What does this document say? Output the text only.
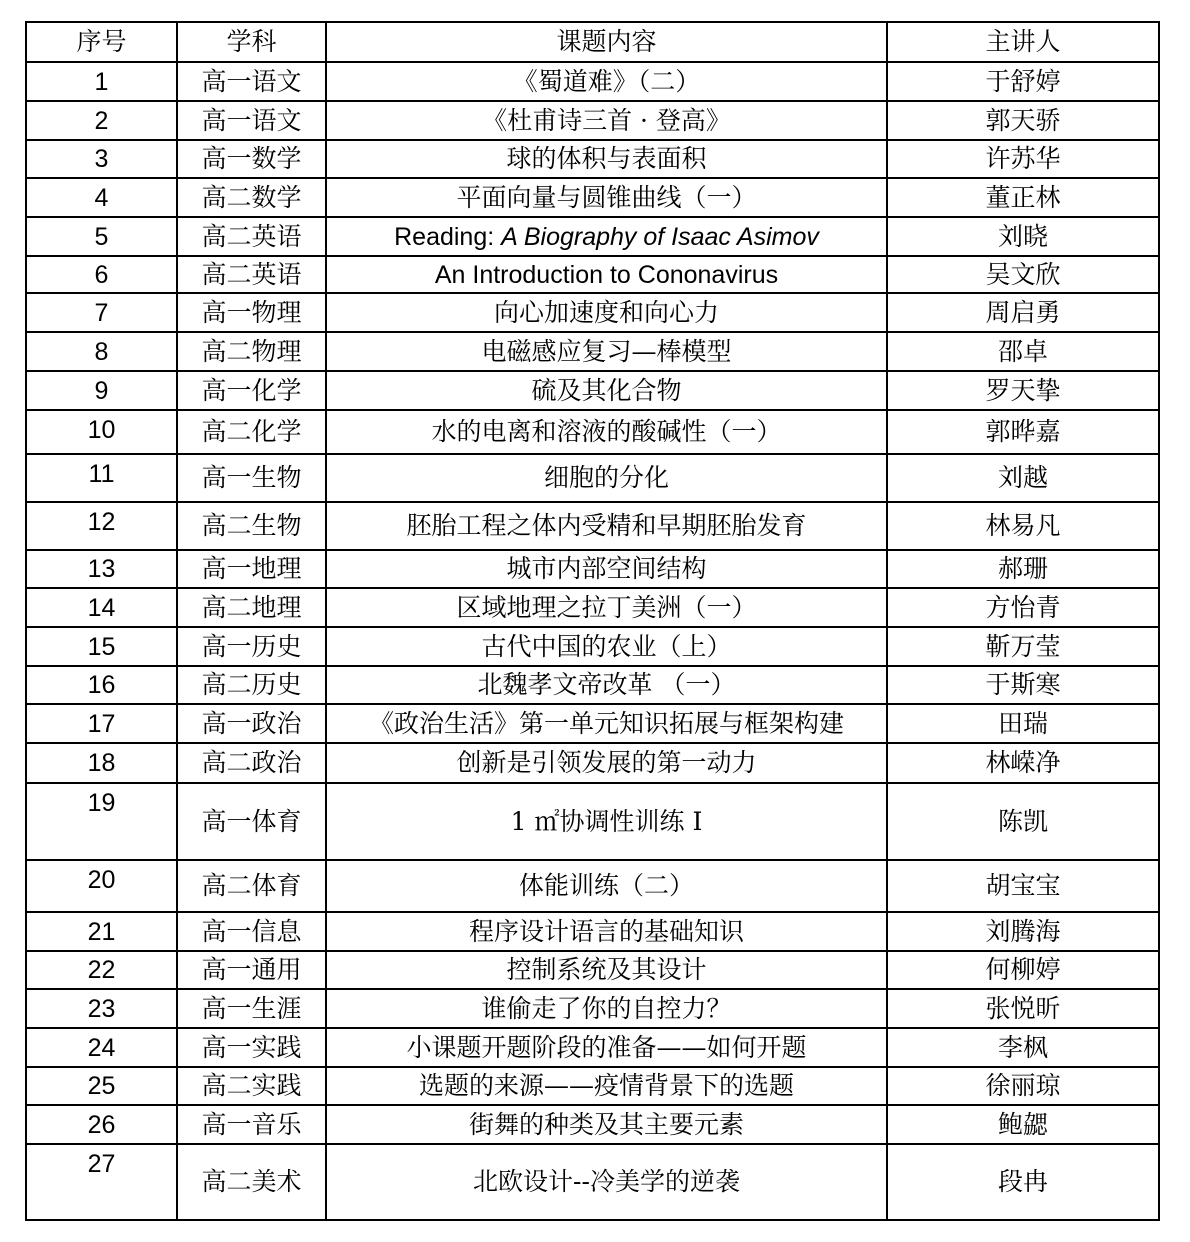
序号	学科	课题内容	主讲人
1	高一语文	《蜀道难》（二）	于舒婷
2	高一语文	《杜甫诗三首 · 登高》	郭天骄
3	高一数学	球的体积与表面积	许苏华
4	高二数学	平面向量与圆锥曲线（一）	董正林
5	高二英语	Reading: A Biography of Isaac Asimov	刘晓
6	高二英语	An Introduction to Cononavirus	吴文欣
7	高一物理	向心加速度和向心力	周启勇
8	高二物理	电磁感应复习—棒模型	邵卓
9	高一化学	硫及其化合物	罗天挚
10	高二化学	水的电离和溶液的酸碱性（一）	郭晔嘉
11	高一生物	细胞的分化	刘越
12	高二生物	胚胎工程之体内受精和早期胚胎发育	林易凡
13	高一地理	城市内部空间结构	郝珊
14	高二地理	区域地理之拉丁美洲（一）	方怡青
15	高一历史	古代中国的农业（上）	靳万莹
16	高二历史	北魏孝文帝改革 （一）	于斯寒
17	高一政治	《政治生活》第一单元知识拓展与框架构建	田瑞
18	高二政治	创新是引领发展的第一动力	林嵘净
19	高一体育	1 ㎡协调性训练 Ⅰ	陈凯
20	高二体育	体能训练（二）	胡宝宝
21	高一信息	程序设计语言的基础知识	刘腾海
22	高一通用	控制系统及其设计	何柳婷
23	高一生涯	谁偷走了你的自控力？	张悦昕
24	高一实践	小课题开题阶段的准备——如何开题	李枫
25	高二实践	选题的来源——疫情背景下的选题	徐丽琼
26	高一音乐	街舞的种类及其主要元素	鲍勰
27	高二美术	北欧设计--冷美学的逆袭	段冉
